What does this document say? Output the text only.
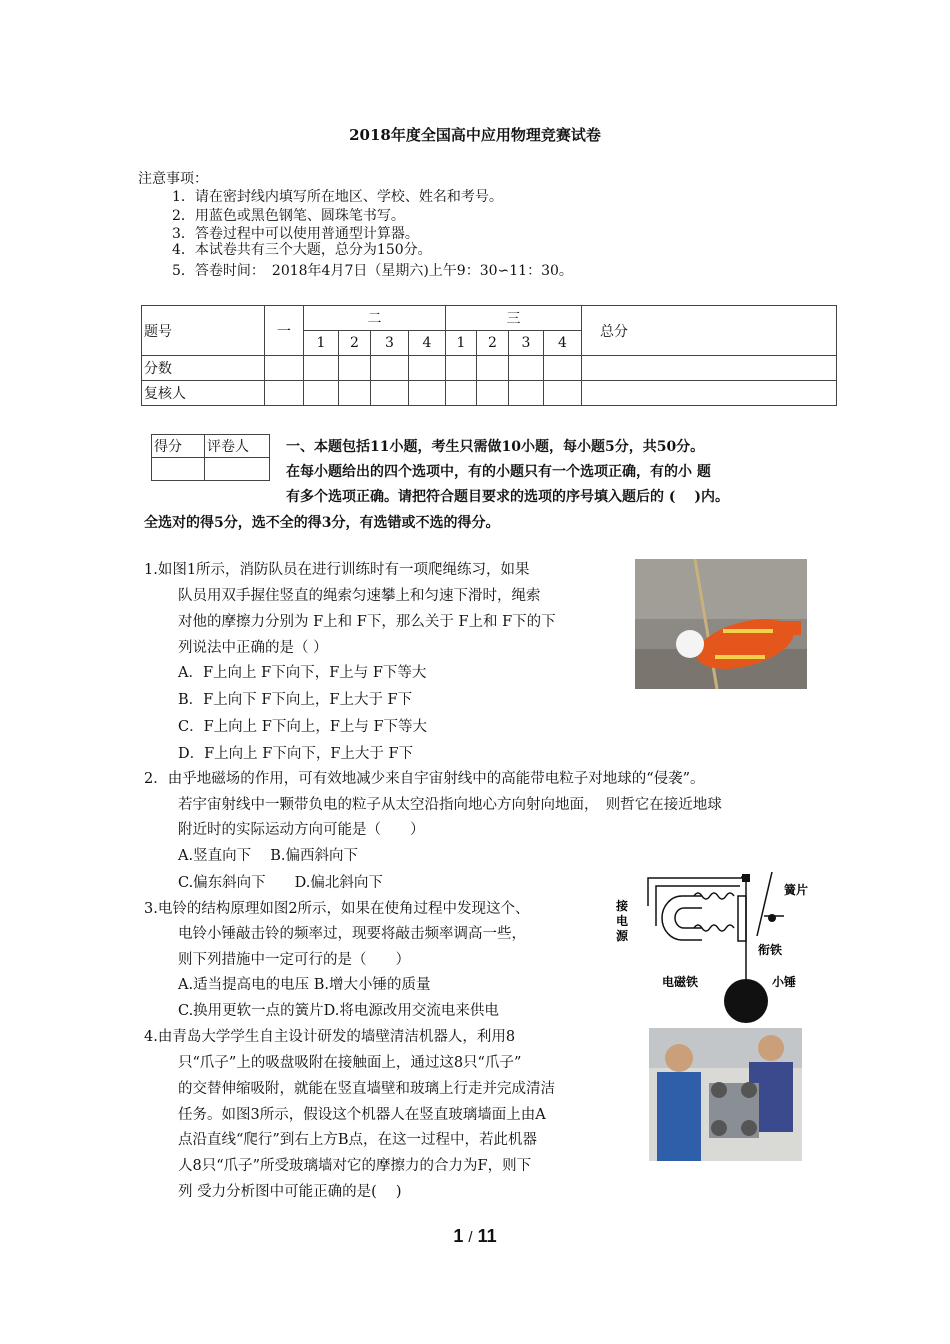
2018年度全国高中应用物理竞赛试卷
注意事项：
1．请在密封线内填写所在地区、学校、姓名和考号。
2．用蓝色或黑色钢笔、圆珠笔书写。
3．答卷过程中可以使用普通型计算器。
4．本试卷共有三个大题，总分为150分。
5．答卷时间：　2018年4月7日（星期六)上午9：30∽11：30。
题号	一	二				三				总分
		1	2	3	4	1	2	3	4	
分数										
复核人										
得分	评卷人
		一、本题包括11小题，考生只需做10小题，每小题5分，共50分。
在每小题给出的四个选项中，有的小题只有一个选项正确，有的小 题
有多个选项正确。请把符合题目要求的选项的序号填入题后的 (　 )内。
全选对的得5分，选不全的得3分，有选错或不选的得分。
1.如图1所示，消防队员在进行训练时有一项爬绳练习，如果
队员用双手握住竖直的绳索匀速攀上和匀速下滑时，绳索
对他的摩擦力分别为 F上和 F下，那么关于 F上和 F下的下
列说法中正确的是（ ）
A．F上向上 F下向下，F上与 F下等大
B．F上向下 F下向上，F上大于 F下
C．F上向上 F下向上，F上与 F下等大
D．F上向上 F下向下，F上大于 F下
2．由乎地磁场的作用，可有效地减少来自宇宙射线中的高能带电粒子对地球的“侵袭”。
若宇宙射线中一颗带负电的粒子从太空沿指向地心方向射向地面，　则哲它在接近地球
附近时的实际运动方向可能是（　　）
A.竖直向下　 B.偏西斜向下
C.偏东斜向下　　D.偏北斜向下
3.电铃的结构原理如图2所示，如果在使角过程中发现这个、
电铃小锤敲击铃的频率过，现要将敲击频率调高一些，
则下列措施中一定可行的是（　　）
A.适当提高电的电压 B.增大小锤的质量
C.换用更软一点的簧片D.将电源改用交流电来供电
接电源
簧片
衔铁
电磁铁	小锤
4.由青岛大学学生自主设计研发的墙壁清洁机器人，利用8
只“爪子”上的吸盘吸附在接触面上，通过这8只“爪子”
的交替伸缩吸附，就能在竖直墙壁和玻璃上行走并完成清洁
任务。如图3所示，假设这个机器人在竖直玻璃墙面上由A
点沿直线“爬行”到右上方B点，在这一过程中，若此机器
人8只“爪子”所受玻璃墙对它的摩擦力的合力为F，则下
列 受力分析图中可能正确的是(　 )
1 / 11
